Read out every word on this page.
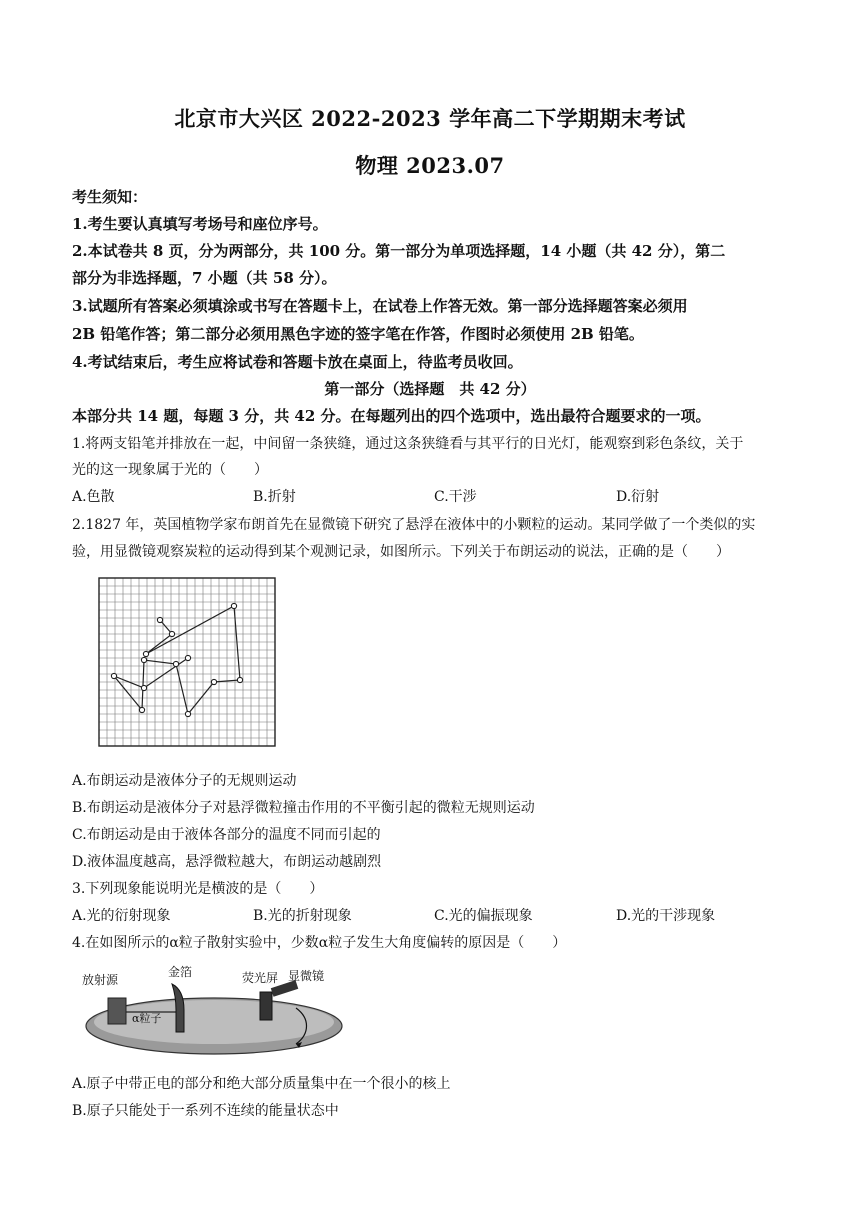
北京市大兴区 2022-2023 学年高二下学期期末考试
物理 2023.07
考生须知：
1.考生要认真填写考场号和座位序号。
2.本试卷共 8 页，分为两部分，共 100 分。第一部分为单项选择题，14 小题（共 42 分），第二
部分为非选择题，7 小题（共 58 分）。
3.试题所有答案必须填涂或书写在答题卡上，在试卷上作答无效。第一部分选择题答案必须用
2B 铅笔作答；第二部分必须用黑色字迹的签字笔在作答，作图时必须使用 2B 铅笔。
4.考试结束后，考生应将试卷和答题卡放在桌面上，待监考员收回。
第一部分（选择题　共 42 分）
本部分共 14 题，每题 3 分，共 42 分。在每题列出的四个选项中，选出最符合题要求的一项。
1.将两支铅笔并排放在一起，中间留一条狭缝，通过这条狭缝看与其平行的日光灯，能观察到彩色条纹，关于
光的这一现象属于光的（　　）
A.色散	B.折射	C.干涉	D.衍射
2.1827 年，英国植物学家布朗首先在显微镜下研究了悬浮在液体中的小颗粒的运动。某同学做了一个类似的实
验，用显微镜观察炭粒的运动得到某个观测记录，如图所示。下列关于布朗运动的说法，正确的是（　　）
A.布朗运动是液体分子的无规则运动
B.布朗运动是液体分子对悬浮微粒撞击作用的不平衡引起的微粒无规则运动
C.布朗运动是由于液体各部分的温度不同而引起的
D.液体温度越高，悬浮微粒越大，布朗运动越剧烈
3.下列现象能说明光是横波的是（　　）
A.光的衍射现象	B.光的折射现象	C.光的偏振现象	D.光的干涉现象
4.在如图所示的α粒子散射实验中，少数α粒子发生大角度偏转的原因是（　　）
放射源
金箔	荧光屏 显微镜
α粒子
A.原子中带正电的部分和绝大部分质量集中在一个很小的核上
B.原子只能处于一系列不连续的能量状态中
